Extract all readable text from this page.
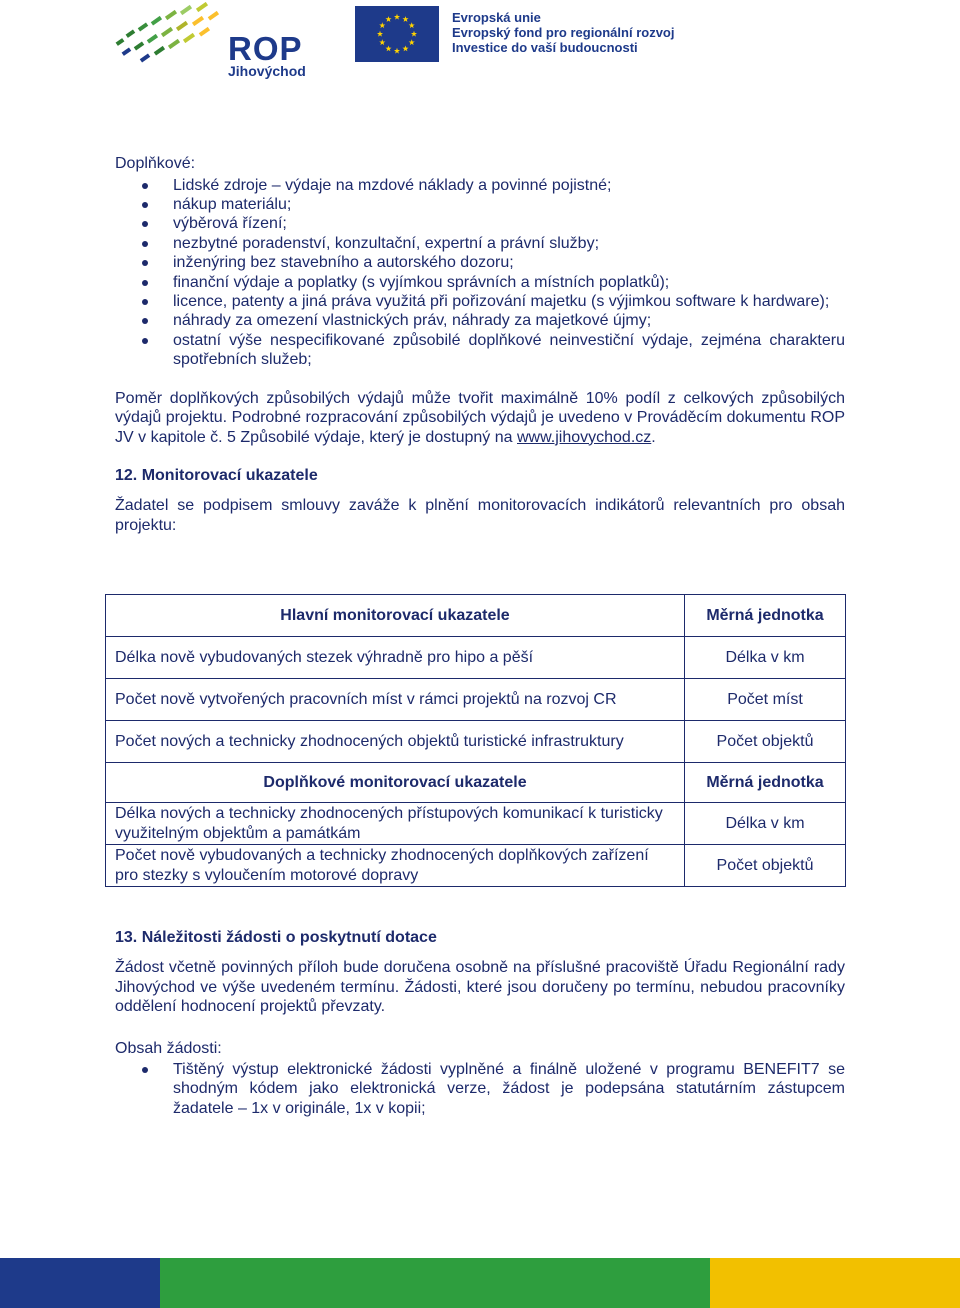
ROP
Jihovýchod
Evropská unie
Evropský fond pro regionální rozvoj
Investice do vaší budoucnosti

Doplňkové:

Lidské zdroje – výdaje na mzdové náklady a povinné pojistné;
nákup materiálu;
výběrová řízení;
nezbytné poradenství, konzultační, expertní a právní služby;
inženýring bez stavebního a autorského dozoru;
finanční výdaje a poplatky (s vyjímkou správních a místních poplatků);
licence, patenty a jiná práva využitá při pořizování majetku (s výjimkou software k hardware);
náhrady za omezení vlastnických práv, náhrady za majetkové újmy;
ostatní výše nespecifikované způsobilé doplňkové neinvestiční výdaje, zejména charakteru spotřebních služeb;

Poměr doplňkových způsobilých výdajů může tvořit maximálně 10% podíl z celkových způsobilých výdajů projektu. Podrobné rozpracování způsobilých výdajů je uvedeno v Prováděcím dokumentu ROP JV v kapitole č. 5 Způsobilé výdaje, který je dostupný na www.jihovychod.cz.

12. Monitorovací ukazatele

Žadatel se podpisem smlouvy zaváže k plnění monitorovacích indikátorů relevantních pro obsah projektu:

Hlavní monitorovací ukazatele	Měrná jednotka
Délka nově vybudovaných stezek výhradně pro hipo a pěší	Délka v km
Počet nově vytvořených pracovních míst v rámci projektů na rozvoj CR	Počet míst
Počet nových a technicky zhodnocených objektů turistické infrastruktury	Počet objektů
Doplňkové monitorovací ukazatele	Měrná jednotka
Délka nových a technicky zhodnocených přístupových komunikací k turisticky využitelným objektům a památkám	Délka v km
Počet nově vybudovaných a technicky zhodnocených doplňkových zařízení pro stezky s vyloučením motorové dopravy	Počet objektů

13. Náležitosti žádosti o poskytnutí dotace

Žádost včetně povinných příloh bude doručena osobně na příslušné pracoviště Úřadu Regionální rady Jihovýchod ve výše uvedeném termínu. Žádosti, které jsou doručeny po termínu, nebudou pracovníky oddělení hodnocení projektů převzaty.

Obsah žádosti:

Tištěný výstup elektronické žádosti vyplněné a finálně uložené v programu BENEFIT7 se shodným kódem jako elektronická verze, žádost je podepsána statutárním zástupcem žadatele – 1x v originále, 1x v kopii;
